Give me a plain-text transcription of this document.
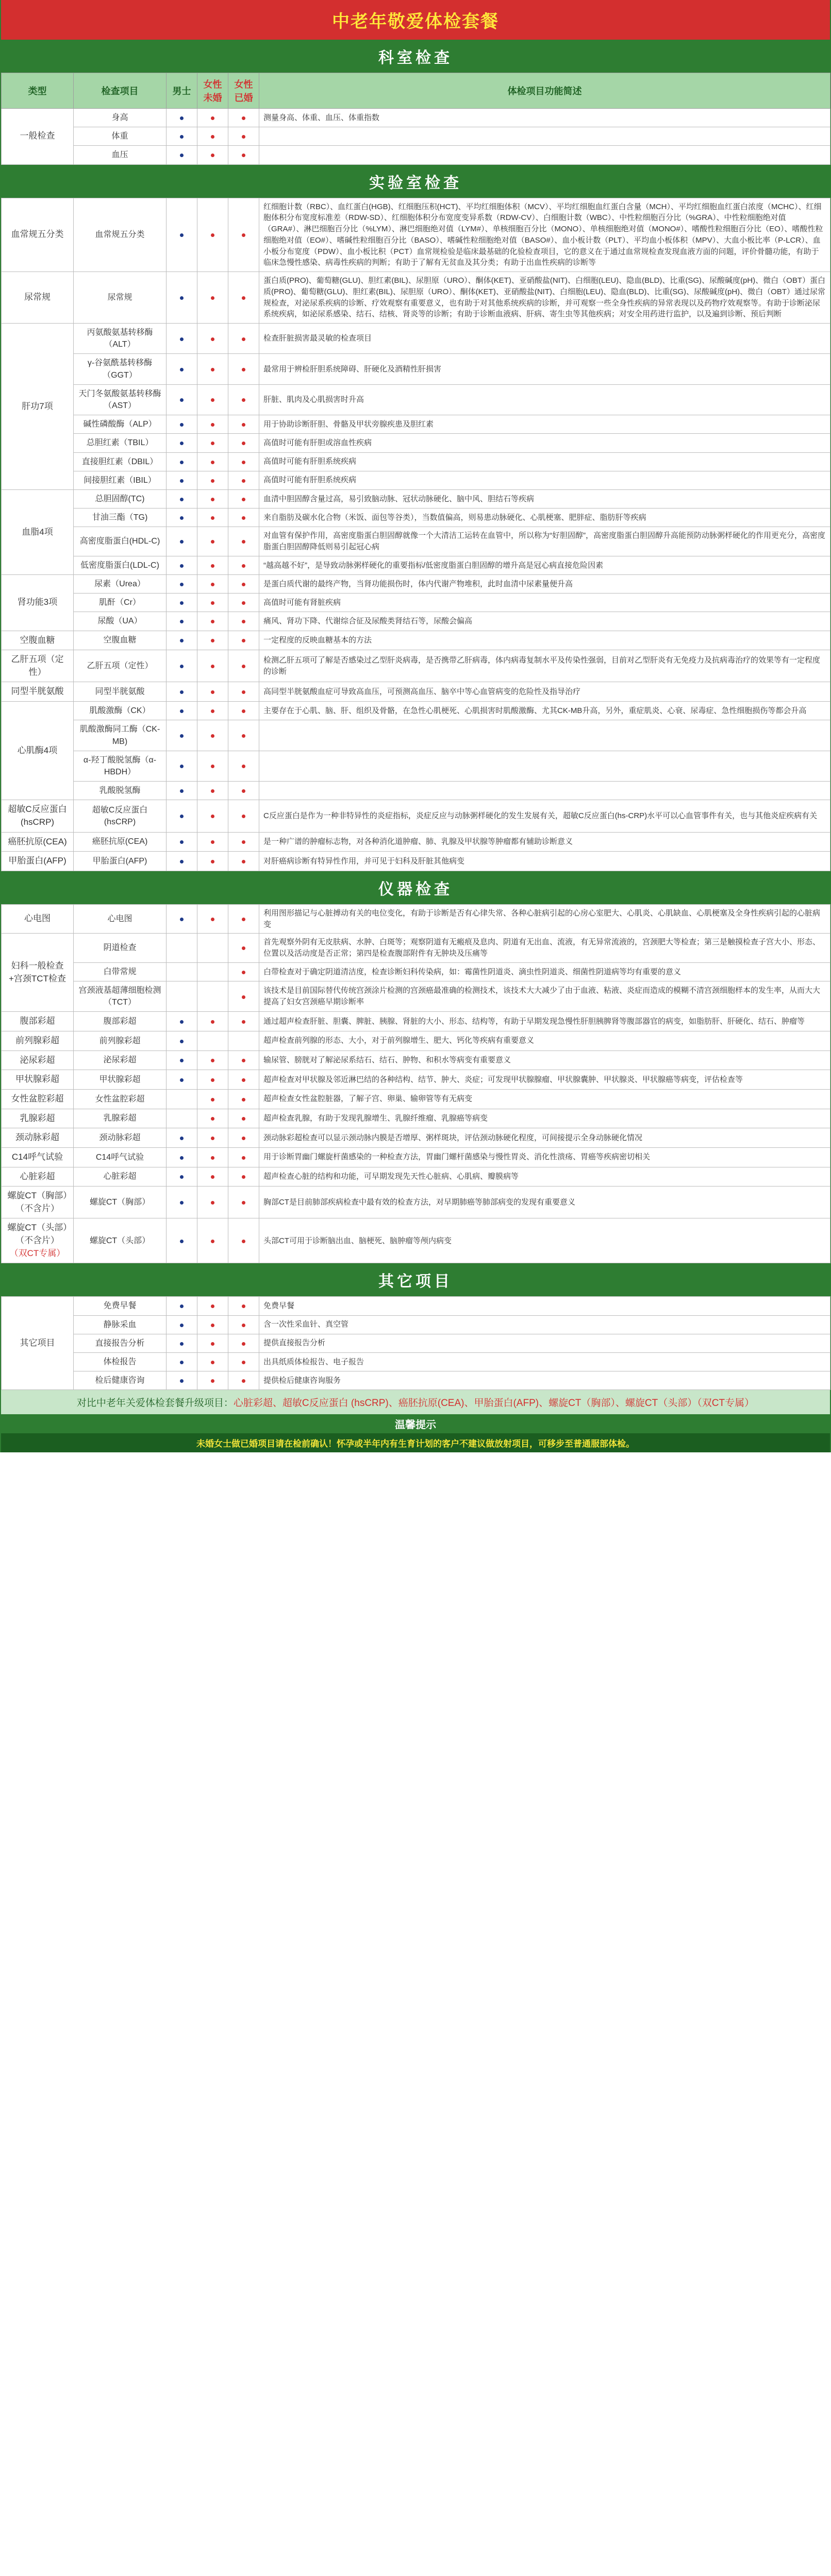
中老年敬爱体检套餐
科室检查
类型	检查项目	男士	女性未婚	女性已婚	体检项目功能简述
一般检查	身高				测量身高、体重、血压、体重指数
	体重				
	血压				
实验室检查
血常规五分类	血常规五分类				红细胞计数（RBC）、血红蛋白(HGB)、红细胞压积(HCT)、平均红细胞体积（MCV）、平均红细胞血红蛋白含量（MCH）、平均红细胞血红蛋白浓度（MCHC）、红细胞体积分布宽度标准差（RDW-SD）、红细胞体积分布宽度变异系数（RDW-CV）、白细胞计数（WBC）、中性粒细胞百分比（%GRA）、中性粒细胞绝对值（GRA#）、淋巴细胞百分比（%LYM）、淋巴细胞绝对值（LYM#）、单核细胞百分比（MONO）、单核细胞绝对值（MONO#）、嗜酸性粒细胞百分比（EO）、嗜酸性粒细胞绝对值（EO#）、嗜碱性粒细胞百分比（BASO）、嗜碱性粒细胞绝对值（BASO#）、血小板计数（PLT）、平均血小板体积（MPV）、大血小板比率（P-LCR）、血小板分布宽度（PDW）、血小板比积（PCT）血常规检验是临床最基础的化验检查项目，它的意义在于通过血常规检查发现血液方面的问题，评价骨髓功能，有助于临床急慢性感染、病毒性疾病的判断；有助于了解有无贫血及其分类；有助于出血性疾病的诊断等
尿常规	尿常规				蛋白质(PRO)、葡萄糖(GLU)、胆红素(BIL)、尿胆原（URO）、酮体(KET)、亚硝酸盐(NIT)、白细胞(LEU)、隐血(BLD)、比重(SG)、尿酸碱度(pH)、微白（OBT）蛋白质(PRO)、葡萄糖(GLU)、胆红素(BIL)、尿胆原（URO）、酮体(KET)、亚硝酸盐(NIT)、白细胞(LEU)、隐血(BLD)、比重(SG)、尿酸碱度(pH)、微白（OBT）通过尿常规检查，对泌尿系疾病的诊断、疗效观察有重要意义，也有助于对其他系统疾病的诊断，并可观察一些全身性疾病的异常表现以及药物疗效观察等。有助于诊断泌尿系统疾病，如泌尿系感染、结石、结核、肾炎等的诊断；有助于诊断血液病、肝病、寄生虫等其他疾病；对安全用药进行监护，以及遍到诊断、预后判断
肝功7项	丙氨酸氨基转移酶（ALT）				检查肝脏损害最灵敏的检查项目
	γ-谷氨酰基转移酶（GGT）				最常用于辨检肝胆系统障碍、肝硬化及酒精性肝损害
	天门冬氨酸氨基转移酶（AST）				肝脏、肌肉及心肌损害时升高
	碱性磷酸酶（ALP）				用于协助诊断肝胆、骨骼及甲状旁腺疾患及胆红素
	总胆红素（TBIL）				高值时可能有肝胆或溶血性疾病
	直接胆红素（DBIL）				高值时可能有肝胆系统疾病
	间接胆红素（IBIL）				高值时可能有肝胆系统疾病
血脂4项	总胆固醇(TC)				血清中胆固醇含量过高，易引致脑动脉、冠状动脉硬化、脑中风、胆结石等疾病
	甘油三酯（TG)				来自脂肪及碳水化合物（米饭、面包等谷类），当数值偏高，则易患动脉硬化、心肌梗塞、肥胖症、脂肪肝等疾病
	高密度脂蛋白(HDL-C)				对血管有保护作用，高密度脂蛋白胆固醇就像一个大清洁工运转在血管中，所以称为“好胆固醇”，高密度脂蛋白胆固醇升高能预防动脉粥样硬化的作用更充分，高密度脂蛋白胆固醇降低则易引起冠心病
	低密度脂蛋白(LDL-C)				“越高越不好”，是导致动脉粥样硬化的重要指标/低密度脂蛋白胆固醇的增升高是冠心病直接危险因素
肾功能3项	尿素（Urea）				是蛋白质代谢的最终产物，当肾功能损伤时，体内代谢产物堆积，此时血清中尿素量便升高
	肌酐（Cr）				高值时可能有肾脏疾病
	尿酸（UA）				痛风、肾功下降、代谢综合征及尿酸类肾结石等，尿酸会偏高
空腹血糖	空腹血糖				一定程度的反映血糖基本的方法
乙肝五项（定性）	乙肝五项（定性）				检测乙肝五项可了解是否感染过乙型肝炎病毒，是否携带乙肝病毒，体内病毒复制水平及传染性强弱，目前对乙型肝炎有无免疫力及抗病毒治疗的效果等有一定程度的诊断
同型半胱氨酸	同型半胱氨酸				高同型半胱氨酸血症可导致高血压，可预测高血压、脑卒中等心血管病变的危险性及指导治疗
心肌酶4项	肌酸激酶（CK）				主要存在于心肌、脑、肝、组织及骨骼，在急性心肌梗死、心肌损害时肌酸激酶、尤其CK-MB升高，另外，重症肌炎、心衰、尿毒症、急性细胞损伤等都会升高
	肌酸激酶同工酶（CK-MB)				
	α-羟丁酸脱氢酶（α-HBDH）				
	乳酸脱氢酶				
超敏C反应蛋白(hsCRP)	超敏C反应蛋白(hsCRP)				C反应蛋白是作为一种非特异性的炎症指标，炎症反应与动脉粥样硬化的发生发展有关，超敏C反应蛋白(hs-CRP)水平可以心血管事件有关，也与其他炎症疾病有关
癌胚抗原(CEA)	癌胚抗原(CEA)				是一种广谱的肿瘤标志物，对各种消化道肿瘤、肺、乳腺及甲状腺等肿瘤都有辅助诊断意义
甲胎蛋白(AFP)	甲胎蛋白(AFP)				对肝癌病诊断有特异性作用，并可见于妇科及肝脏其他病变
仪器检查
心电图	心电图				利用图形描记与心脏搏动有关的电位变化，有助于诊断是否有心律失常、各种心脏病引起的心房心室肥大、心肌炎、心肌缺血、心肌梗塞及全身性疾病引起的心脏病变
妇科一般检查+宫颈TCT检查	阴道检查				首先观察外阴有无皮肤病、水肿、白斑等；观察阴道有无瘢痕及息肉、阴道有无出血、流液，有无异常流液的，宫颈肥大等检查；第三是触摸检查子宫大小、形态、位置以及活动度是否正常；第四是检查腹部附件有无肿块及压痛等
	白带常规				白带检查对于确定阴道清洁度，检查诊断妇科传染病，如：霉菌性阴道炎、滴虫性阴道炎、细菌性阴道病等均有重要的意义
	宫颈液基超薄细胞检测（TCT）				该技术是目前国际替代传统宫颈涂片检测的宫颈癌最准确的检测技术，该技术大大减少了由于血液、粘液、炎症而造成的模糊不清宫颈细胞样本的发生率，从而大大提高了妇女宫颈癌早期诊断率
腹部彩超	腹部彩超				通过超声检查肝脏、胆囊、脾脏、胰腺、肾脏的大小、形态、结构等，有助于早期发现急慢性肝胆胰脾肾等腹部器官的病变，如脂肪肝、肝硬化、结石、肿瘤等
前列腺彩超	前列腺彩超				超声检查前列腺的形态、大小，对于前列腺增生、肥大、钙化等疾病有重要意义
泌尿彩超	泌尿彩超				输尿管、膀胱对了解泌尿系结石、结石、肿物、和积水等病变有重要意义
甲状腺彩超	甲状腺彩超				超声检查对甲状腺及邻近淋巴结的各种结构、结节、肿大、炎症；可发现甲状腺腺瘤、甲状腺囊肿、甲状腺炎、甲状腺癌等病变，评估检查等
女性盆腔彩超	女性盆腔彩超				超声检查女性盆腔脏器，了解子宫、卵巢、输卵管等有无病变
乳腺彩超	乳腺彩超				超声检查乳腺，有助于发现乳腺增生、乳腺纤维瘤、乳腺癌等病变
颈动脉彩超	颈动脉彩超				颈动脉彩超检查可以显示颈动脉内膜是否增厚、粥样斑块，评估颈动脉硬化程度，可间接提示全身动脉硬化情况
C14呼气试验	C14呼气试验				用于诊断胃幽门螺旋杆菌感染的一种检查方法，胃幽门螺杆菌感染与慢性胃炎、消化性溃疡、胃癌等疾病密切相关
心脏彩超	心脏彩超				超声检查心脏的结构和功能，可早期发现先天性心脏病、心肌病、瓣膜病等
螺旋CT（胸部）（不含片）	螺旋CT（胸部）				胸部CT是目前肺部疾病检查中最有效的检查方法，对早期肺癌等肺部病变的发现有重要意义
螺旋CT（头部）（不含片）
（双CT专属）	螺旋CT（头部）				头部CT可用于诊断脑出血、脑梗死、脑肿瘤等颅内病变
其它项目
其它项目	免费早餐				免费早餐
	静脉采血				含一次性采血针、真空管
	直接报告分析				提供直接报告分析
	体检报告				出具纸质体检报告、电子报告
	检后健康咨询				提供检后健康咨询服务
对比中老年关爱体检套餐升级项目：心脏彩超、超敏C反应蛋白 (hsCRP)、癌胚抗原(CEA)、甲胎蛋白(AFP)、螺旋CT（胸部）、螺旋CT（头部）（双CT专属）
温馨提示
未婚女士做已婚项目请在检前确认！怀孕或半年内有生育计划的客户不建议做放射项目，可移步至普通服部体检。
